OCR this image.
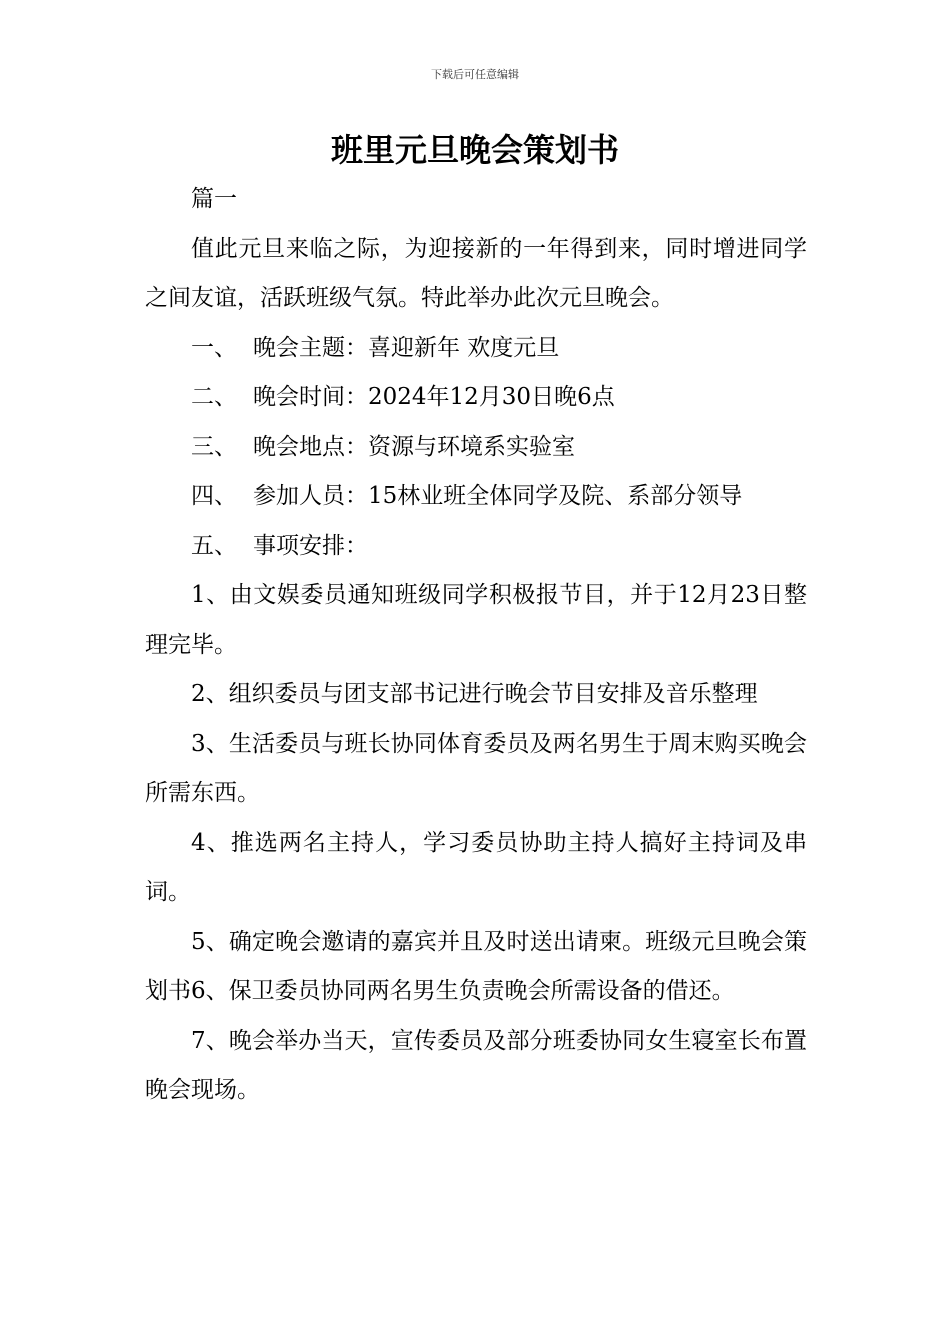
下载后可任意编辑
班里元旦晚会策划书

篇一

值此元旦来临之际，为迎接新的一年得到来，同时增进同学之间友谊，活跃班级气氛。特此举办此次元旦晚会。

一、 晚会主题：喜迎新年 欢度元旦

二、 晚会时间：2024年12月30日晚6点

三、 晚会地点：资源与环境系实验室

四、 参加人员：15林业班全体同学及院、系部分领导

五、 事项安排：

1、由文娱委员通知班级同学积极报节目，并于12月23日整理完毕。

2、组织委员与团支部书记进行晚会节目安排及音乐整理

3、生活委员与班长协同体育委员及两名男生于周末购买晚会所需东西。

4、推选两名主持人，学习委员协助主持人搞好主持词及串词。

5、确定晚会邀请的嘉宾并且及时送出请柬。班级元旦晚会策划书6、保卫委员协同两名男生负责晚会所需设备的借还。

7、晚会举办当天，宣传委员及部分班委协同女生寝室长布置晚会现场。
